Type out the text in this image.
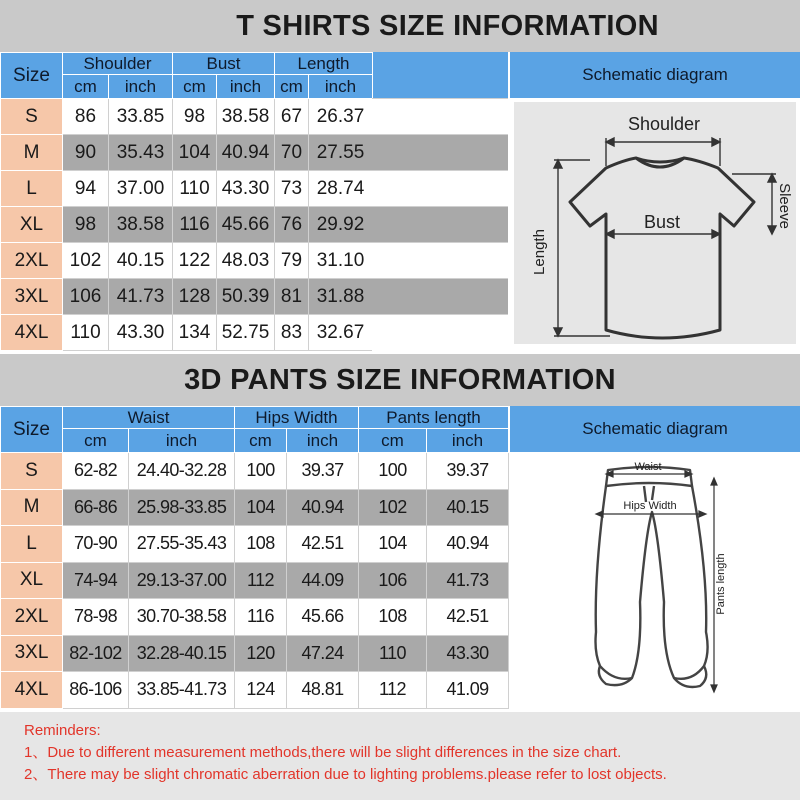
T SHIRTS SIZE INFORMATION
Size	Shoulder		Bust		Length	
	cm	inch	cm	inch	cm	inch
S	86	33.85	98	38.58	67	26.37
M	90	35.43	104	40.94	70	27.55
L	94	37.00	110	43.30	73	28.74
XL	98	38.58	116	45.66	76	29.92
2XL	102	40.15	122	48.03	79	31.10
3XL	106	41.73	128	50.39	81	31.88
4XL	110	43.30	134	52.75	83	32.67
Schematic diagram
Shoulder
Bust	Sleeve
Length
3D PANTS SIZE INFORMATION
Size	Waist		Hips Width		Pants length	
	cm	inch	cm	inch	cm	inch
S	62-82	24.40-32.28	100	39.37	100	39.37
M	66-86	25.98-33.85	104	40.94	102	40.15
L	70-90	27.55-35.43	108	42.51	104	40.94
XL	74-94	29.13-37.00	112	44.09	106	41.73
2XL	78-98	30.70-38.58	116	45.66	108	42.51
3XL	82-102	32.28-40.15	120	47.24	110	43.30
4XL	86-106	33.85-41.73	124	48.81	112	41.09
Schematic diagram
Waist
Hips Width
Pants length
Reminders:
1、Due to different measurement methods,there will be slight differences in the size chart.
2、There may be slight chromatic aberration due to lighting problems.please refer to lost objects.
